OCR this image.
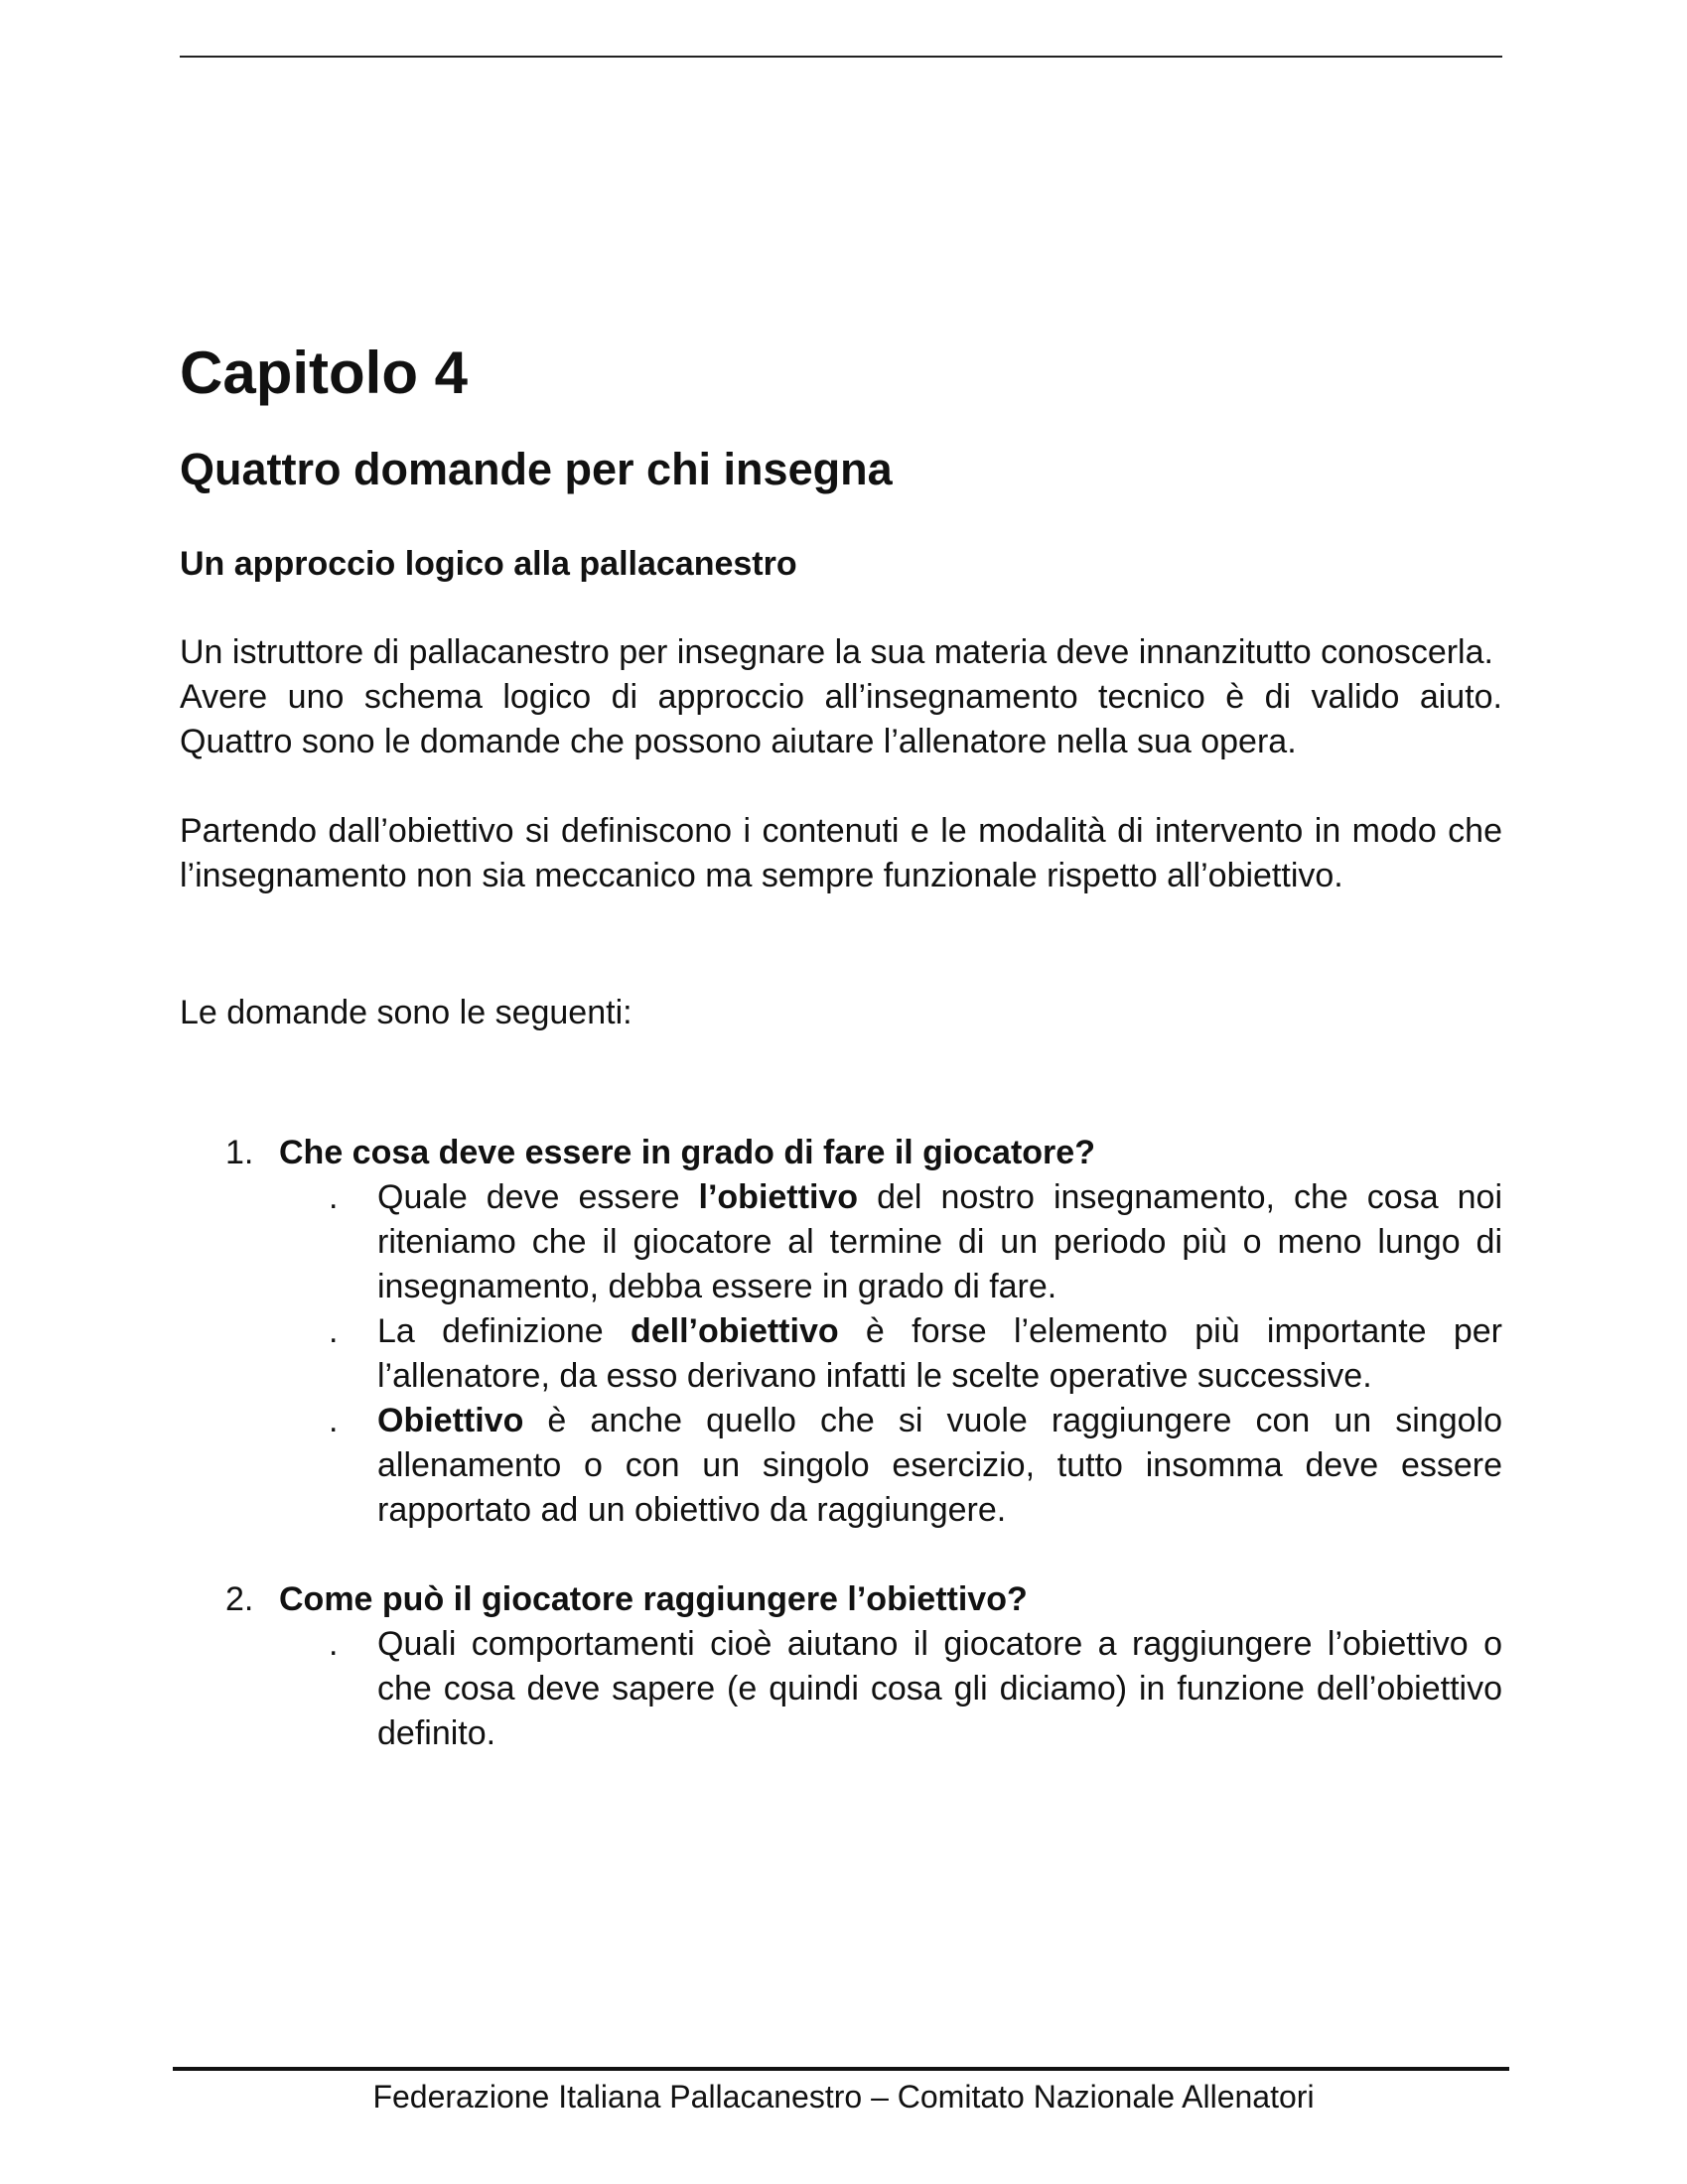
Capitolo 4
Quattro domande per chi insegna
Un approccio logico alla pallacanestro

Un istruttore di pallacanestro per insegnare la sua materia deve innanzitutto conoscerla.

Avere uno schema logico di approccio all’insegnamento tecnico è di valido aiuto. Quattro sono le domande che possono aiutare l’allenatore nella sua opera.

Partendo dall’obiettivo si definiscono i contenuti e le modalità di intervento in modo che l’insegnamento non sia meccanico ma sempre funzionale rispetto all’obiettivo.

Le domande sono le seguenti:

1. Che cosa deve essere in grado di fare il giocatore?
. Quale deve essere l’obiettivo del nostro insegnamento, che cosa noi riteniamo che il giocatore al termine di un periodo più o meno lungo di insegnamento, debba essere in grado di fare.
. La definizione dell’obiettivo è forse l’elemento più importante per l’allenatore, da esso derivano infatti le scelte operative successive.
. Obiettivo è anche quello che si vuole raggiungere con un singolo allenamento o con un singolo esercizio, tutto insomma deve essere rapportato ad un obiettivo da raggiungere.
2. Come può il giocatore raggiungere l’obiettivo?
. Quali comportamenti cioè aiutano il giocatore a raggiungere l’obiettivo o che cosa deve sapere (e quindi cosa gli diciamo) in funzione dell’obiettivo definito.
Federazione Italiana Pallacanestro – Comitato Nazionale Allenatori
